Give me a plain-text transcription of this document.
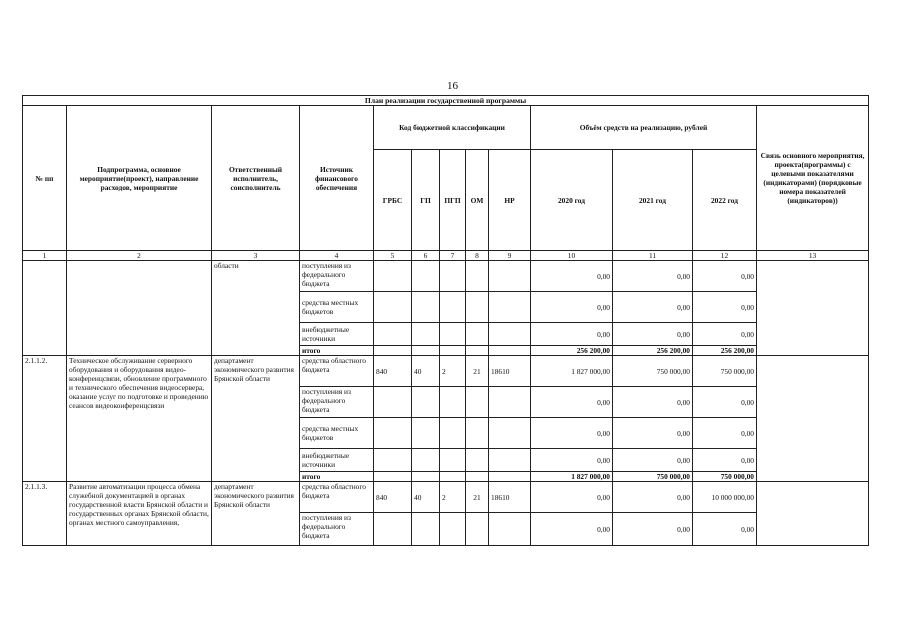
16
План реализации государственной программы												
№ пп	Подпрограмма, основное мероприятие(проект), направление расходов, мероприятие	Ответственный исполнитель, соисполнитель	Источник финансового обеспечения	Код бюджетной классификации					Объём средств на реализацию, рублей			Связь основного мероприятия, проекта(программы) с целевыми показателями (индикаторами) (порядковые номера показателей (индикаторов))
				ГРБС	ГП	ПГП	ОМ	НР	2020 год	2021 год	2022 год	
1	2	3	4	5	6	7	8	9	10	11	12	13
		области	поступления из федерального бюджета						0,00	0,00	0,00	
			средства местных бюджетов						0,00	0,00	0,00	
			внебюджетные источники						0,00	0,00	0,00	
			итого						256 200,00	256 200,00	256 200,00	
2.1.1.2.	Техническое обслуживание серверного оборудования и оборудования видео-конференцсвязи, обновление программного и технического обеспечения видеосервера, оказание услуг по подготовке и проведению сеансов видеоконференцсвязи	департамент экономического развития Брянской области	средства областного бюджета	840	40	2	21	18610	1 827 000,00	750 000,00	750 000,00	
			поступления из федерального бюджета						0,00	0,00	0,00	
			средства местных бюджетов						0,00	0,00	0,00	
			внебюджетные источники						0,00	0,00	0,00	
			итого						1 827 000,00	750 000,00	750 000,00	
2.1.1.3.	Развитие автоматизации процесса обмена служебной документацией в органах государственной власти Брянской области и государственных органах Брянской области, органах местного самоуправления,	департамент экономического развития Брянской области	средства областного бюджета	840	40	2	21	18610	0,00	0,00	10 000 000,00	
			поступления из федерального бюджета						0,00	0,00	0,00	
